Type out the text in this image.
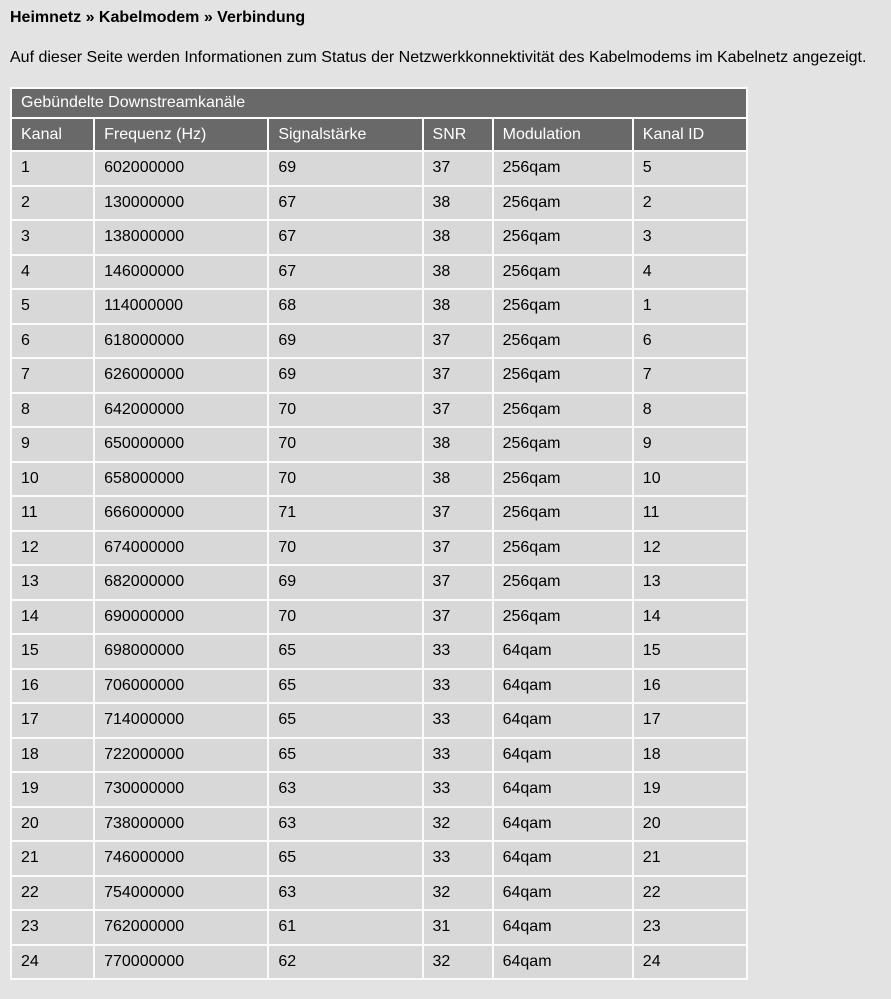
Heimnetz » Kabelmodem » Verbindung

Auf dieser Seite werden Informationen zum Status der Netzwerkkonnektivität des Kabelmodems im Kabelnetz angezeigt.

Gebündelte Downstreamkanäle					
Kanal	Frequenz (Hz)	Signalstärke	SNR	Modulation	Kanal ID
1	602000000	69	37	256qam	5
2	130000000	67	38	256qam	2
3	138000000	67	38	256qam	3
4	146000000	67	38	256qam	4
5	114000000	68	38	256qam	1
6	618000000	69	37	256qam	6
7	626000000	69	37	256qam	7
8	642000000	70	37	256qam	8
9	650000000	70	38	256qam	9
10	658000000	70	38	256qam	10
11	666000000	71	37	256qam	11
12	674000000	70	37	256qam	12
13	682000000	69	37	256qam	13
14	690000000	70	37	256qam	14
15	698000000	65	33	64qam	15
16	706000000	65	33	64qam	16
17	714000000	65	33	64qam	17
18	722000000	65	33	64qam	18
19	730000000	63	33	64qam	19
20	738000000	63	32	64qam	20
21	746000000	65	33	64qam	21
22	754000000	63	32	64qam	22
23	762000000	61	31	64qam	23
24	770000000	62	32	64qam	24
